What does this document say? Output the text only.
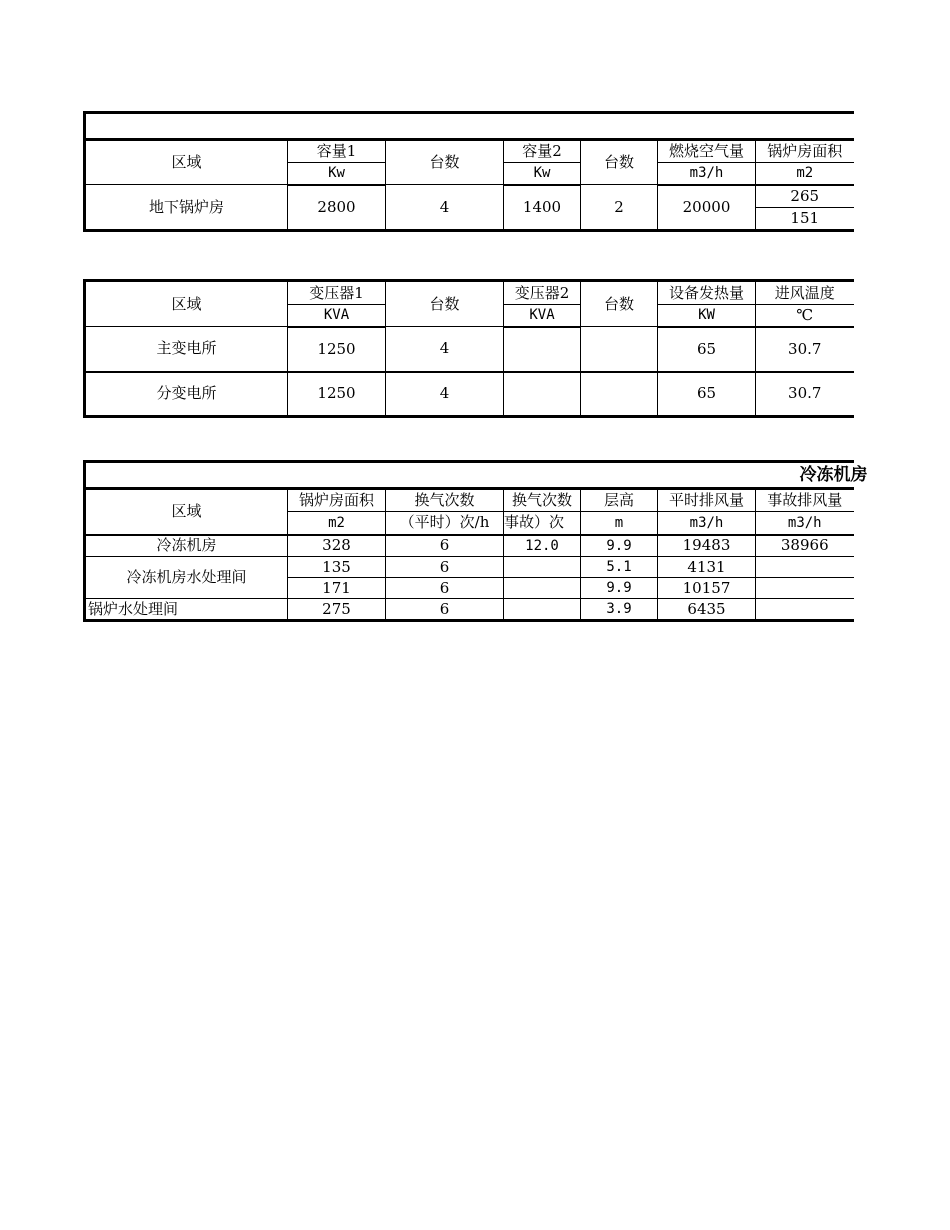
区域	容量1	台数	容量2	台数	燃烧空气量	锅炉房面积
	Kw		Kw		m3/h	m2
地下锅炉房	2800	4	1400	2	20000	265
						151
区域	变压器1	台数	变压器2	台数	设备发热量	进风温度
	KVA		KVA		KW	℃
主变电所	1250	4			65	30.7
分变电所	1250	4			65	30.7
冷冻机房						
区域	锅炉房面积	换气次数	换气次数	层高	平时排风量	事故排风量
	m2	（平时）次/h	事故）次	m	m3/h	m3/h
冷冻机房	328	6	12.0	9.9	19483	38966
冷冻机房水处理间	135	6		5.1	4131	
	171	6		9.9	10157	
锅炉水处理间	275	6		3.9	6435	
